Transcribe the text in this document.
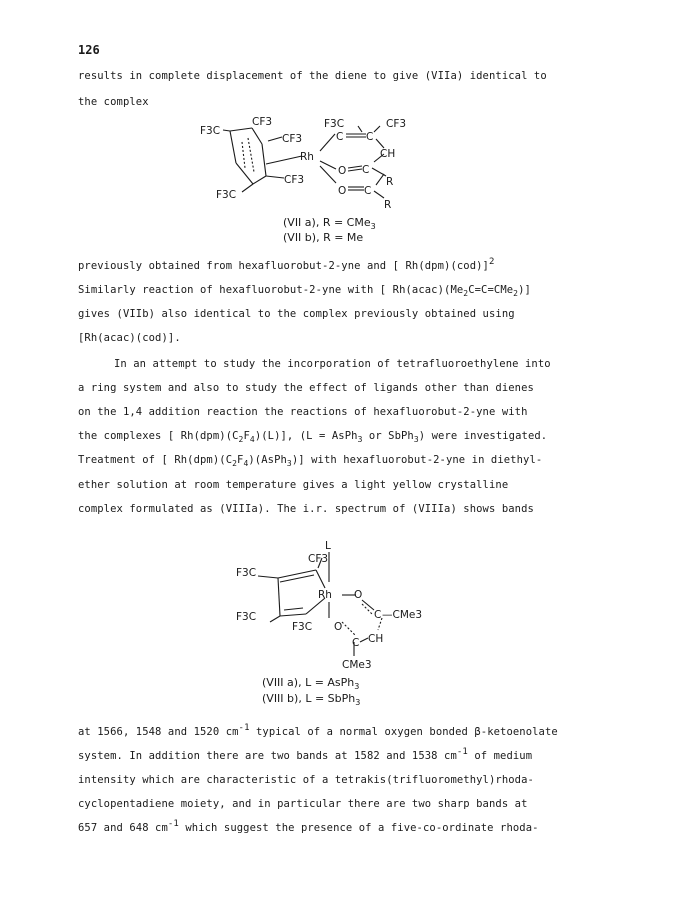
126
results in complete displacement of the diene to give (VIIa) identical to
the complex
F3C
CF3
CF3
Rh
CF3
F3C
F3C	CF3
C C
CH
O C
R
O C
R
(VII a), R = CMe$_3$
(VII b), R = Me
previously obtained from hexafluorobut-2-yne and [ Rh(dpm)(cod)]$^2$
Similarly reaction of hexafluorobut-2-yne with [ $Rh(acac)(Me_2C=C=CMe_2)$]
gives (VIIb) also identical to the complex previously obtained using
[Rh(acac)(cod)].
In an attempt to study the incorporation of tetrafluoroethylene into
a ring system and also to study the effect of ligands other than dienes
on the 1,4 addition reaction the reactions of hexafluorobut-2-yne with
the complexes [ $Rh(dpm)(C_2F_4)(L)$], (L = AsPh$_3$ or SbPh$_3$) were investigated.
Treatment of [ $Rh(dpm)(C_2F_4)(AsPh_3)$] with hexafluorobut-2-yne in diethyl-
ether solution at room temperature gives a light yellow crystalline
complex formulated as (VIIIa). The i.r. spectrum of (VIIIa) shows bands
L
F3C
CF3
Rh O
C —CMe3
F3C
F3C O
C CH
CMe3
(VIII a), L = AsPh$_3$
(VIII b), L = SbPh$_3$
at 1566, 1548 and 1520 $cm^{-1}$ typical of a normal oxygen bonded β-ketoenolate
system. In addition there are two bands at 1582 and 1538 $cm^{-1}$ of medium
intensity which are characteristic of a tetrakis(trifluoromethyl)rhoda-
cyclopentadiene moiety, and in particular there are two sharp bands at
657 and 648 $cm^{-1}$ which suggest the presence of a five-co-ordinate rhoda-
